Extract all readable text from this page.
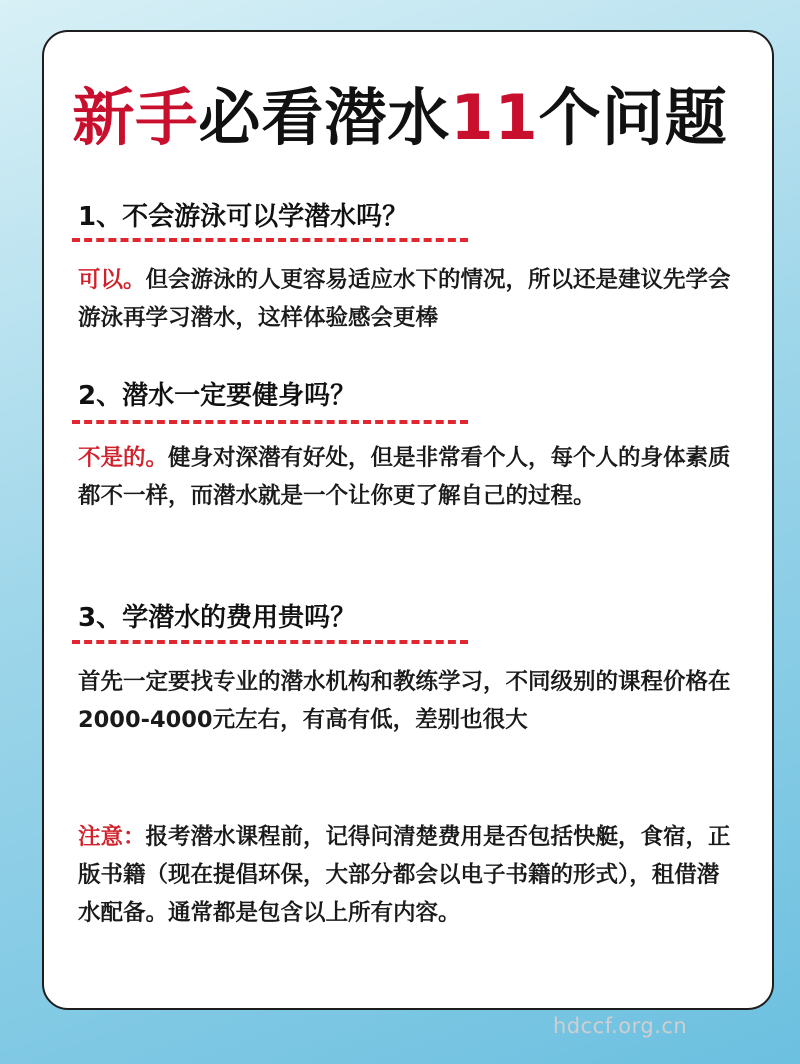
新手必看潜水11个问题
1、不会游泳可以学潜水吗？
可以。但会游泳的人更容易适应水下的情况，所以还是建议先学会游泳再学习潜水，这样体验感会更棒
2、潜水一定要健身吗？
不是的。健身对深潜有好处，但是非常看个人，每个人的身体素质都不一样，而潜水就是一个让你更了解自己的过程。
3、学潜水的费用贵吗？
首先一定要找专业的潜水机构和教练学习，不同级别的课程价格在2000-4000元左右，有高有低，差别也很大
注意：报考潜水课程前，记得问清楚费用是否包括快艇，食宿，正版书籍（现在提倡环保，大部分都会以电子书籍的形式），租借潜水配备。通常都是包含以上所有内容。
hdccf.org.cn
